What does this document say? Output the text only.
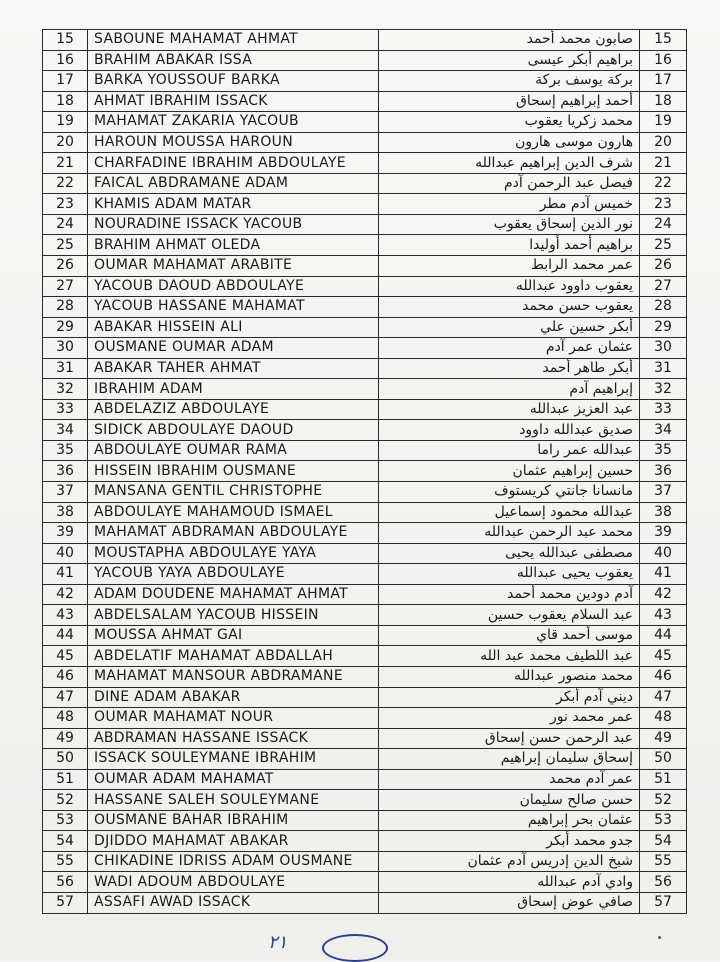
15	SABOUNE MAHAMAT AHMAT	صابون محمد أحمد	15
16	BRAHIM ABAKAR ISSA	براهيم أبكر عيسى	16
17	BARKA YOUSSOUF BARKA	بركة يوسف بركة	17
18	AHMAT IBRAHIM ISSACK	أحمد إبراهيم إسحاق	18
19	MAHAMAT ZAKARIA YACOUB	محمد زكريا يعقوب	19
20	HAROUN MOUSSA HAROUN	هارون موسى هارون	20
21	CHARFADINE IBRAHIM ABDOULAYE	شرف الدين إبراهيم عبدالله	21
22	FAICAL ABDRAMANE ADAM	فيصل عبد الرحمن آدم	22
23	KHAMIS ADAM MATAR	خميس آدم مطر	23
24	NOURADINE ISSACK YACOUB	نور الدين إسحاق يعقوب	24
25	BRAHIM AHMAT OLEDA	براهيم أحمد أوليدا	25
26	OUMAR MAHAMAT ARABITE	عمر محمد الرابط	26
27	YACOUB DAOUD ABDOULAYE	يعقوب داوود عبدالله	27
28	YACOUB HASSANE MAHAMAT	يعقوب حسن محمد	28
29	ABAKAR HISSEIN ALI	أبكر حسين علي	29
30	OUSMANE OUMAR ADAM	عثمان عمر آدم	30
31	ABAKAR TAHER AHMAT	أبكر طاهر أحمد	31
32	IBRAHIM ADAM	إبراهيم آدم	32
33	ABDELAZIZ ABDOULAYE	عبد العزيز عبدالله	33
34	SIDICK ABDOULAYE DAOUD	صديق عبدالله داوود	34
35	ABDOULAYE OUMAR RAMA	عبدالله عمر راما	35
36	HISSEIN IBRAHIM OUSMANE	حسين إبراهيم عثمان	36
37	MANSANA GENTIL CHRISTOPHE	مانسانا جانتي كريستوف	37
38	ABDOULAYE MAHAMOUD ISMAEL	عبدالله محمود إسماعيل	38
39	MAHAMAT ABDRAMAN ABDOULAYE	محمد عبد الرحمن عبدالله	39
40	MOUSTAPHA ABDOULAYE YAYA	مصطفى عبدالله يحيى	40
41	YACOUB YAYA ABDOULAYE	يعقوب يحيى عبدالله	41
42	ADAM DOUDENE MAHAMAT AHMAT	آدم دودين محمد أحمد	42
43	ABDELSALAM YACOUB HISSEIN	عبد السلام يعقوب حسين	43
44	MOUSSA AHMAT GAI	موسى أحمد قاي	44
45	ABDELATIF MAHAMAT ABDALLAH	عبد اللطيف محمد عبد الله	45
46	MAHAMAT MANSOUR ABDRAMANE	محمد منصور عبدالله	46
47	DINE ADAM ABAKAR	ديني آدم أبكر	47
48	OUMAR MAHAMAT NOUR	عمر محمد نور	48
49	ABDRAMAN HASSANE ISSACK	عبد الرحمن حسن إسحاق	49
50	ISSACK SOULEYMANE IBRAHIM	إسحاق سليمان إبراهيم	50
51	OUMAR ADAM MAHAMAT	عمر آدم محمد	51
52	HASSANE SALEH SOULEYMANE	حسن صالح سليمان	52
53	OUSMANE BAHAR IBRAHIM	عثمان بحر إبراهيم	53
54	DJIDDO MAHAMAT ABAKAR	جدو محمد أبكر	54
55	CHIKADINE IDRISS ADAM OUSMANE	شيخ الدين إدريس آدم عثمان	55
56	WADI ADOUM ABDOULAYE	وادي آدم عبدالله	56
57	ASSAFI AWAD ISSACK	صافي عوض إسحاق	57
٢١
